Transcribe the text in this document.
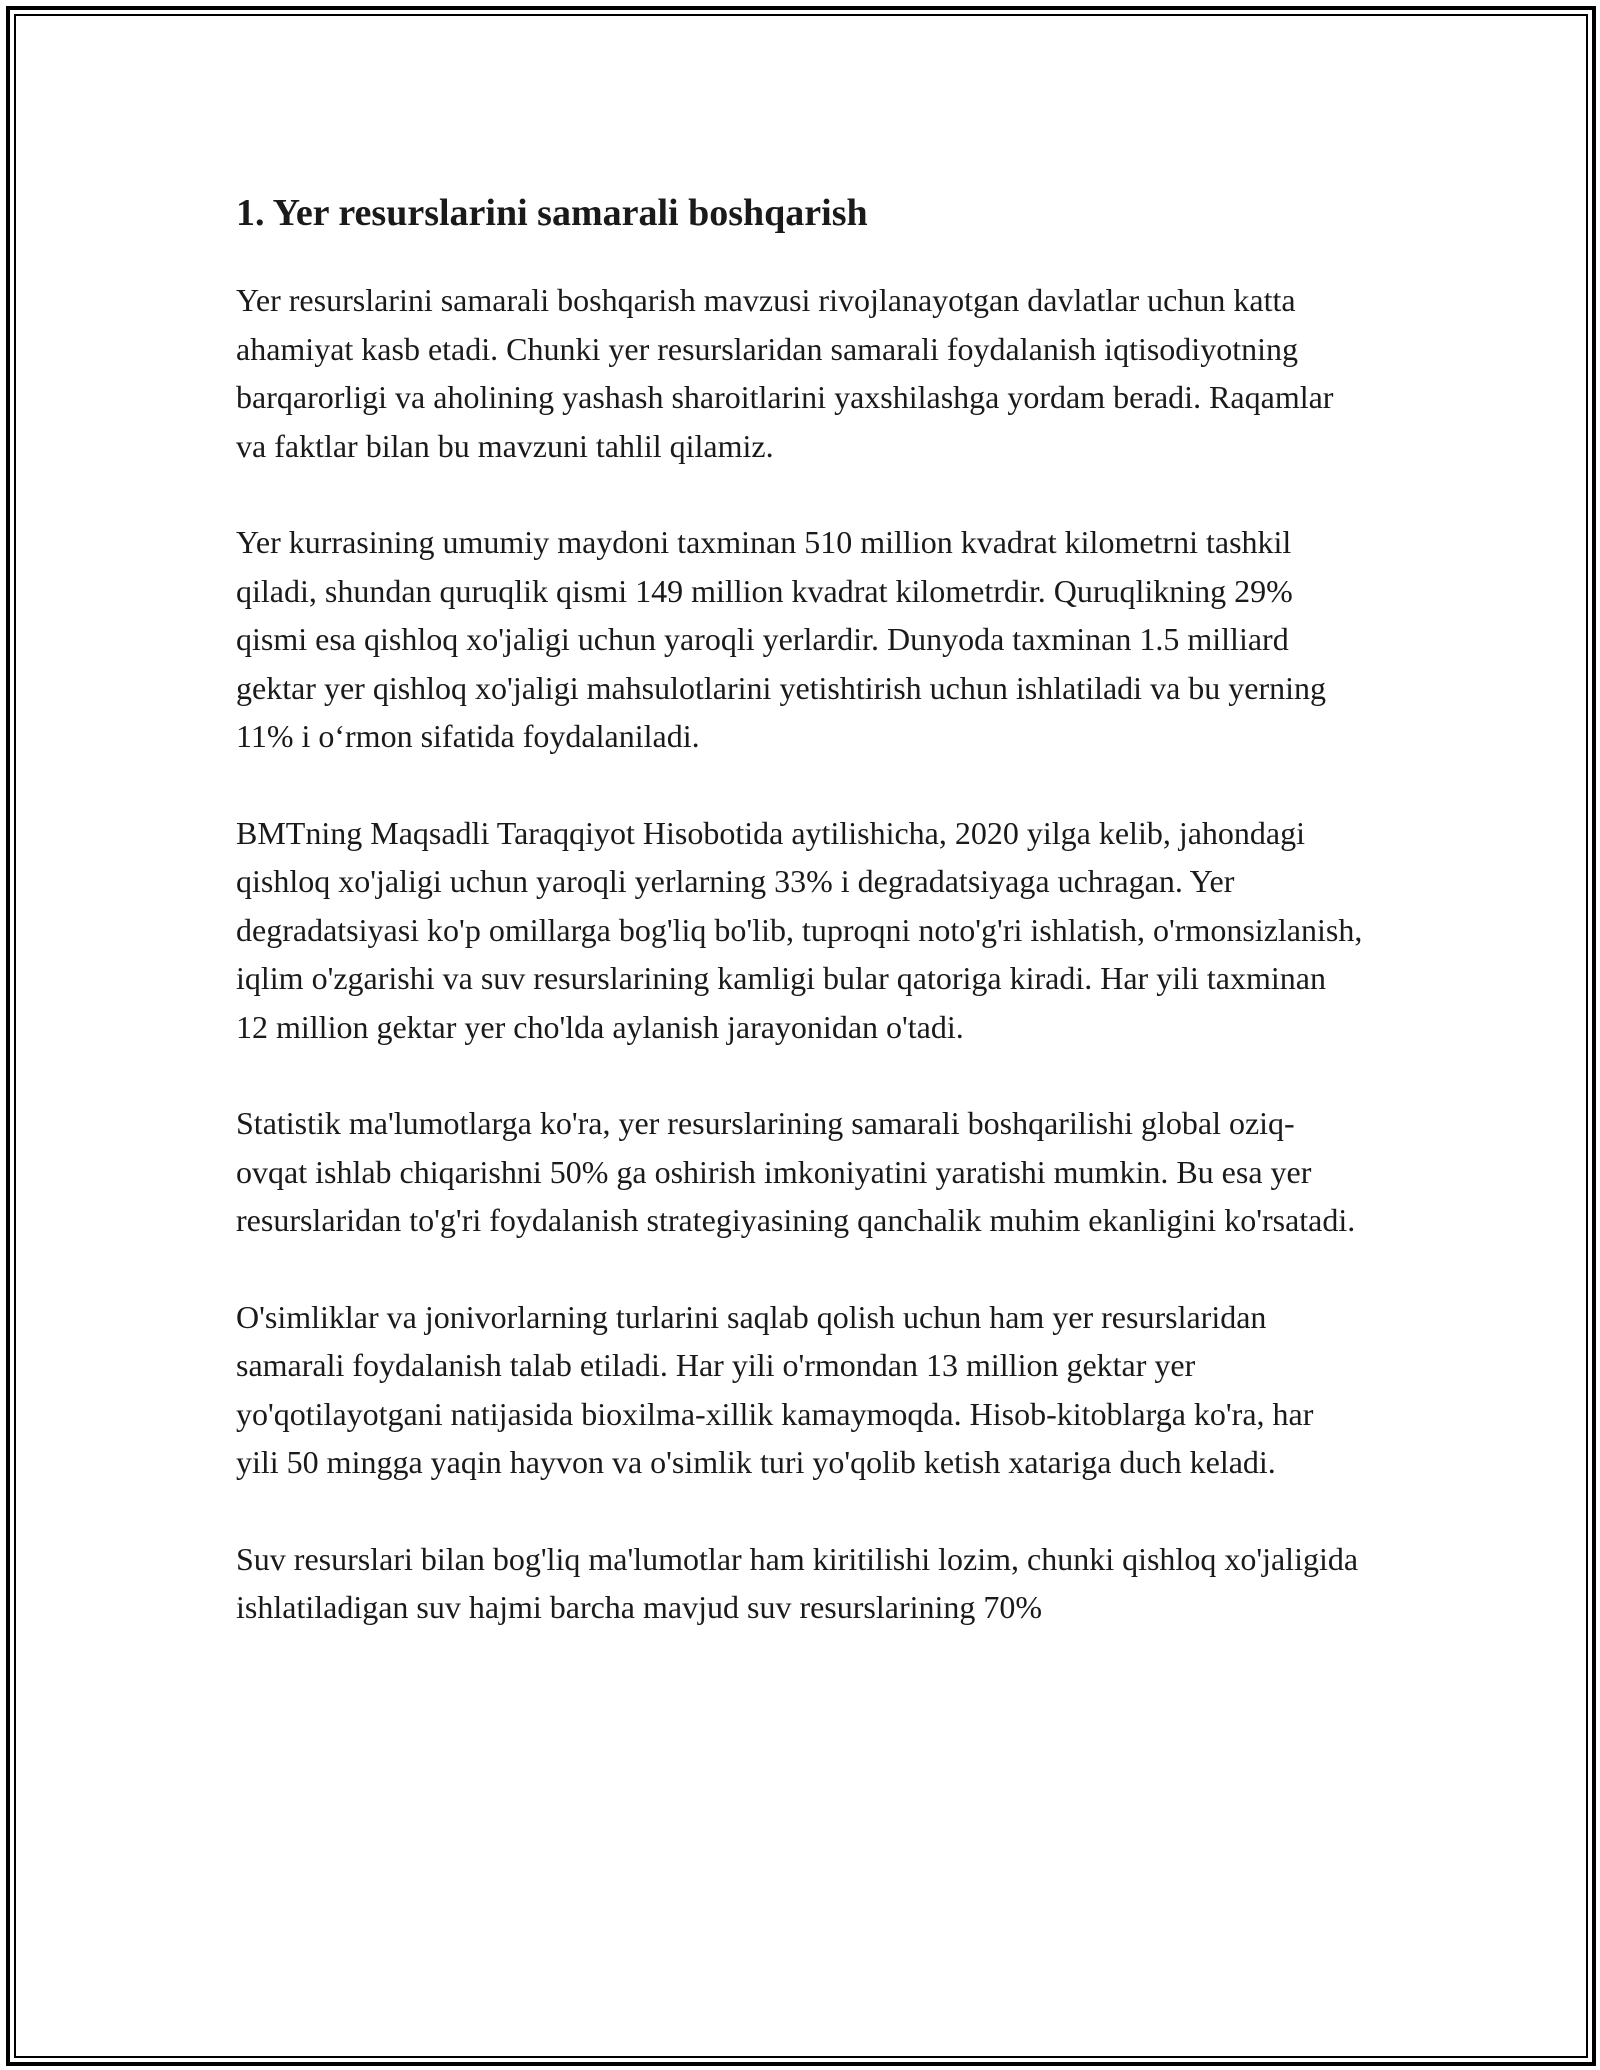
1. Yer resurslarini samarali boshqarish

Yer resurslarini samarali boshqarish mavzusi rivojlanayotgan davlatlar uchun katta ahamiyat kasb etadi. Chunki yer resurslaridan samarali foydalanish iqtisodiyotning barqarorligi va aholining yashash sharoitlarini yaxshilashga yordam beradi. Raqamlar va faktlar bilan bu mavzuni tahlil qilamiz.

Yer kurrasining umumiy maydoni taxminan 510 million kvadrat kilometrni tashkil qiladi, shundan quruqlik qismi 149 million kvadrat kilometrdir. Quruqlikning 29% qismi esa qishloq xo'jaligi uchun yaroqli yerlardir. Dunyoda taxminan 1.5 milliard gektar yer qishloq xo'jaligi mahsulotlarini yetishtirish uchun ishlatiladi va bu yerning 11% i o‘rmon sifatida foydalaniladi.

BMTning Maqsadli Taraqqiyot Hisobotida aytilishicha, 2020 yilga kelib, jahondagi qishloq xo'jaligi uchun yaroqli yerlarning 33% i degradatsiyaga uchragan. Yer degradatsiyasi ko'p omillarga bog'liq bo'lib, tuproqni noto'g'ri ishlatish, o'rmonsizlanish, iqlim o'zgarishi va suv resurslarining kamligi bular qatoriga kiradi. Har yili taxminan 12 million gektar yer cho'lda aylanish jarayonidan o'tadi.

Statistik ma'lumotlarga ko'ra, yer resurslarining samarali boshqarilishi global oziq-ovqat ishlab chiqarishni 50% ga oshirish imkoniyatini yaratishi mumkin. Bu esa yer resurslaridan to'g'ri foydalanish strategiyasining qanchalik muhim ekanligini ko'rsatadi.

O'simliklar va jonivorlarning turlarini saqlab qolish uchun ham yer resurslaridan samarali foydalanish talab etiladi. Har yili o'rmondan 13 million gektar yer yo'qotilayotgani natijasida bioxilma-xillik kamaymoqda. Hisob-kitoblarga ko'ra, har yili 50 mingga yaqin hayvon va o'simlik turi yo'qolib ketish xatariga duch keladi.

Suv resurslari bilan bog'liq ma'lumotlar ham kiritilishi lozim, chunki qishloq xo'jaligida ishlatiladigan suv hajmi barcha mavjud suv resurslarining 70%
